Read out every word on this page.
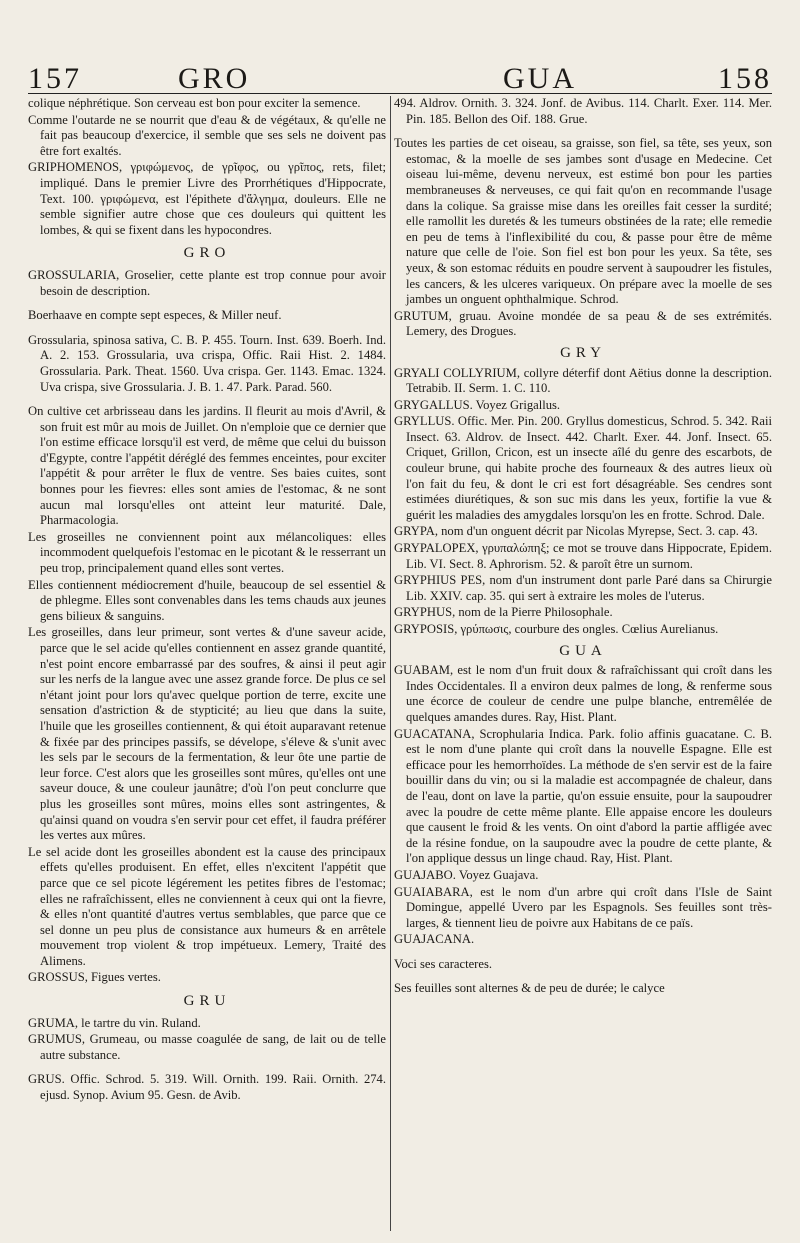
157	GRO	GUA	158

colique néphrétique. Son cerveau est bon pour exciter la semence.

Comme l'outarde ne se nourrit que d'eau & de végétaux, & qu'elle ne fait pas beaucoup d'exercice, il semble que ses sels ne doivent pas être fort exaltés.

GRIPHOMENOS, γριφώμενος, de γρῖφος, ou γρῖπος, rets, filet; impliqué. Dans le premier Livre des Prorrhétiques d'Hippocrate, Text. 100. γριφώμενα, est l'épithete d'ἄλγημα, douleurs. Elle ne semble signifier autre chose que ces douleurs qui quittent les lombes, & qui se fixent dans les hypocondres.

GRO

GROSSULARIA, Groselier, cette plante est trop connue pour avoir besoin de description.

Boerhaave en compte sept especes, & Miller neuf.

Grossularia, spinosa sativa, C. B. P. 455. Tourn. Inst. 639. Boerh. Ind. A. 2. 153. Grossularia, uva crispa, Offic. Raii Hist. 2. 1484. Grossularia. Park. Theat. 1560. Uva crispa. Ger. 1143. Emac. 1324. Uva crispa, sive Grossularia. J. B. 1. 47. Park. Parad. 560.

On cultive cet arbrisseau dans les jardins. Il fleurit au mois d'Avril, & son fruit est mûr au mois de Juillet. On n'emploie que ce dernier que l'on estime efficace lorsqu'il est verd, de même que celui du buisson d'Egypte, contre l'appétit déréglé des femmes enceintes, pour exciter l'appétit & pour arrêter le flux de ventre. Ses baies cuites, sont bonnes pour les fievres: elles sont amies de l'estomac, & ne sont aucun mal lorsqu'elles ont atteint leur maturité. Dale, Pharmacologia.

Les groseilles ne conviennent point aux mélancoliques: elles incommodent quelquefois l'estomac en le picotant & le resserrant un peu trop, principalement quand elles sont vertes.

Elles contiennent médiocrement d'huile, beaucoup de sel essentiel & de phlegme. Elles sont convenables dans les tems chauds aux jeunes gens bilieux & sanguins.

Les groseilles, dans leur primeur, sont vertes & d'une saveur acide, parce que le sel acide qu'elles contiennent en assez grande quantité, n'est point encore embarrassé par des soufres, & ainsi il peut agir sur les nerfs de la langue avec une assez grande force. De plus ce sel n'étant joint pour lors qu'avec quelque portion de terre, excite une sensation d'astriction & de stypticité; au lieu que dans la suite, l'huile que les groseilles contiennent, & qui étoit auparavant retenue & fixée par des principes passifs, se dévelope, s'éleve & s'unit avec les sels par le secours de la fermentation, & leur ôte une partie de leur force. C'est alors que les groseilles sont mûres, qu'elles ont une saveur douce, & une couleur jaunâtre; d'où l'on peut conclurre que plus les groseilles sont mûres, moins elles sont astringentes, & qu'ainsi quand on voudra s'en servir pour cet effet, il faudra préférer les vertes aux mûres.

Le sel acide dont les groseilles abondent est la cause des principaux effets qu'elles produisent. En effet, elles n'excitent l'appétit que parce que ce sel picote légérement les petites fibres de l'estomac; elles ne rafraîchissent, elles ne conviennent à ceux qui ont la fievre, & elles n'ont quantité d'autres vertus semblables, que parce que ce sel donne un peu plus de consistance aux humeurs & en arrêtele mouvement trop violent & trop impétueux. Lemery, Traité des Alimens.

GROSSUS, Figues vertes.

GRU

GRUMA, le tartre du vin. Ruland.

GRUMUS, Grumeau, ou masse coagulée de sang, de lait ou de telle autre substance.

GRUS. Offic. Schrod. 5. 319. Will. Ornith. 199. Raii. Ornith. 274. ejusd. Synop. Avium 95. Gesn. de Avib.

494. Aldrov. Ornith. 3. 324. Jonf. de Avibus. 114. Charlt. Exer. 114. Mer. Pin. 185. Bellon des Oif. 188. Grue.

Toutes les parties de cet oiseau, sa graisse, son fiel, sa tête, ses yeux, son estomac, & la moelle de ses jambes sont d'usage en Medecine. Cet oiseau lui-même, devenu nerveux, est estimé bon pour les parties membraneuses & nerveuses, ce qui fait qu'on en recommande l'usage dans la colique. Sa graisse mise dans les oreilles fait cesser la surdité; elle ramollit les duretés & les tumeurs obstinées de la rate; elle remedie en peu de tems à l'inflexibilité du cou, & passe pour être de même nature que celle de l'oie. Son fiel est bon pour les yeux. Sa tête, ses yeux, & son estomac réduits en poudre servent à saupoudrer les fistules, les cancers, & les ulceres variqueux. On prépare avec la moelle de ses jambes un onguent ophthalmique. Schrod.

GRUTUM, gruau. Avoine mondée de sa peau & de ses extrémités. Lemery, des Drogues.

GRY

GRYALI COLLYRIUM, collyre déterfif dont Aëtius donne la description. Tetrabib. II. Serm. 1. C. 110.

GRYGALLUS. Voyez Grigallus.

GRYLLUS. Offic. Mer. Pin. 200. Gryllus domesticus, Schrod. 5. 342. Raii Insect. 63. Aldrov. de Insect. 442. Charlt. Exer. 44. Jonf. Insect. 65. Criquet, Grillon, Cricon, est un insecte aîlé du genre des escarbots, de couleur brune, qui habite proche des fourneaux & des autres lieux où l'on fait du feu, & dont le cri est fort désagréable. Ses cendres sont estimées diurétiques, & son suc mis dans les yeux, fortifie la vue & guérit les maladies des amygdales lorsqu'on les en frotte. Schrod. Dale.

GRYPA, nom d'un onguent décrit par Nicolas Myrepse, Sect. 3. cap. 43.

GRYPALOPEX, γρυπαλώπηξ; ce mot se trouve dans Hippocrate, Epidem. Lib. VI. Sect. 8. Aphrorism. 52. & paroît être un surnom.

GRYPHIUS PES, nom d'un instrument dont parle Paré dans sa Chirurgie Lib. XXIV. cap. 35. qui sert à extraire les moles de l'uterus.

GRYPHUS, nom de la Pierre Philosophale.

GRYPOSIS, γρύπωσις, courbure des ongles. Cœlius Aurelianus.

GUA

GUABAM, est le nom d'un fruit doux & rafraîchissant qui croît dans les Indes Occidentales. Il a environ deux palmes de long, & renferme sous une écorce de couleur de cendre une pulpe blanche, entremêlée de quelques amandes dures. Ray, Hist. Plant.

GUACATANA, Scrophularia Indica. Park. folio affinis guacatane. C. B. est le nom d'une plante qui croît dans la nouvelle Espagne. Elle est efficace pour les hemorrhoïdes. La méthode de s'en servir est de la faire bouillir dans du vin; ou si la maladie est accompagnée de chaleur, dans de l'eau, dont on lave la partie, qu'on essuie ensuite, pour la saupoudrer avec la poudre de cette même plante. Elle appaise encore les douleurs que causent le froid & les vents. On oint d'abord la partie affligée avec de la résine fondue, on la saupoudre avec la poudre de cette plante, & l'on applique dessus un linge chaud. Ray, Hist. Plant.

GUAJABO. Voyez Guajava.

GUAIABARA, est le nom d'un arbre qui croît dans l'Isle de Saint Domingue, appellé Uvero par les Espagnols. Ses feuilles sont très-larges, & tiennent lieu de poivre aux Habitans de ce païs.

GUAJACANA.

Voci ses caracteres.

Ses feuilles sont alternes & de peu de durée; le calyce
